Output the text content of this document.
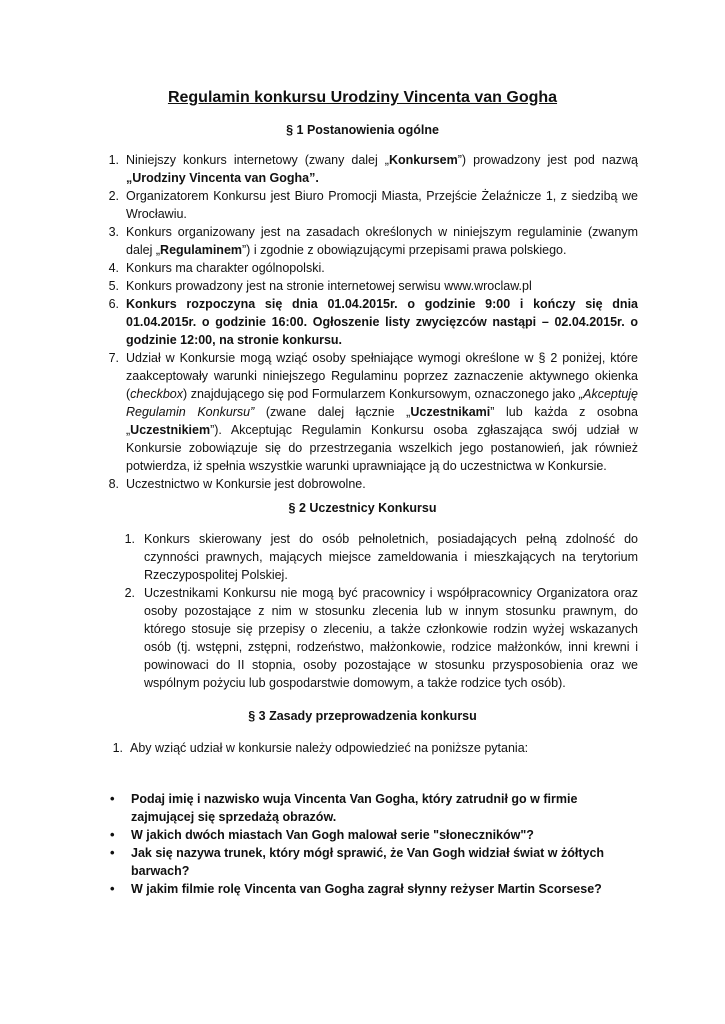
Regulamin konkursu Urodziny Vincenta van Gogha
§ 1 Postanowienia ogólne
1. Niniejszy konkurs internetowy (zwany dalej „Konkursem”) prowadzony jest pod nazwą „Urodziny Vincenta van Gogha”.
2. Organizatorem Konkursu jest Biuro Promocji Miasta, Przejście Żelaźnicze 1, z siedzibą we Wrocławiu.
3. Konkurs organizowany jest na zasadach określonych w niniejszym regulaminie (zwanym dalej „Regulaminem”) i zgodnie z obowiązującymi przepisami prawa polskiego.
4. Konkurs ma charakter ogólnopolski.
5. Konkurs prowadzony jest na stronie internetowej serwisu www.wroclaw.pl
6. Konkurs rozpoczyna się dnia 01.04.2015r. o godzinie 9:00 i kończy się dnia 01.04.2015r. o godzinie 16:00. Ogłoszenie listy zwycięzców nastąpi – 02.04.2015r. o godzinie 12:00, na stronie konkursu.
7. Udział w Konkursie mogą wziąć osoby spełniające wymogi określone w § 2 poniżej, które zaakceptowały warunki niniejszego Regulaminu poprzez zaznaczenie aktywnego okienka (checkbox) znajdującego się pod Formularzem Konkursowym, oznaczonego jako „Akceptuję Regulamin Konkursu” (zwane dalej łącznie „Uczestnikami” lub każda z osobna „Uczestnikiem”). Akceptując Regulamin Konkursu osoba zgłaszająca swój udział w Konkursie zobowiązuje się do przestrzegania wszelkich jego postanowień, jak również potwierdza, iż spełnia wszystkie warunki uprawniające ją do uczestnictwa w Konkursie.
8. Uczestnictwo w Konkursie jest dobrowolne.
§ 2 Uczestnicy Konkursu
1. Konkurs skierowany jest do osób pełnoletnich, posiadających pełną zdolność do czynności prawnych, mających miejsce zameldowania i mieszkających na terytorium Rzeczypospolitej Polskiej.
2. Uczestnikami Konkursu nie mogą być pracownicy i współpracownicy Organizatora oraz osoby pozostające z nim w stosunku zlecenia lub w innym stosunku prawnym, do którego stosuje się przepisy o zleceniu, a także członkowie rodzin wyżej wskazanych osób (tj. wstępni, zstępni, rodzeństwo, małżonkowie, rodzice małżonków, inni krewni i powinowaci do II stopnia, osoby pozostające w stosunku przysposobienia oraz we wspólnym pożyciu lub gospodarstwie domowym, a także rodzice tych osób).
§ 3 Zasady przeprowadzenia konkursu
1. Aby wziąć udział w konkursie należy odpowiedzieć na poniższe pytania:
• Podaj imię i nazwisko wuja Vincenta Van Gogha, który zatrudnił go w firmie zajmującej się sprzedażą obrazów.
• W jakich dwóch miastach Van Gogh malował serie "słoneczników"?
• Jak się nazywa trunek, który mógł sprawić, że Van Gogh widział świat w żółtych barwach?
• W jakim filmie rolę Vincenta van Gogha zagrał słynny reżyser Martin Scorsese?
